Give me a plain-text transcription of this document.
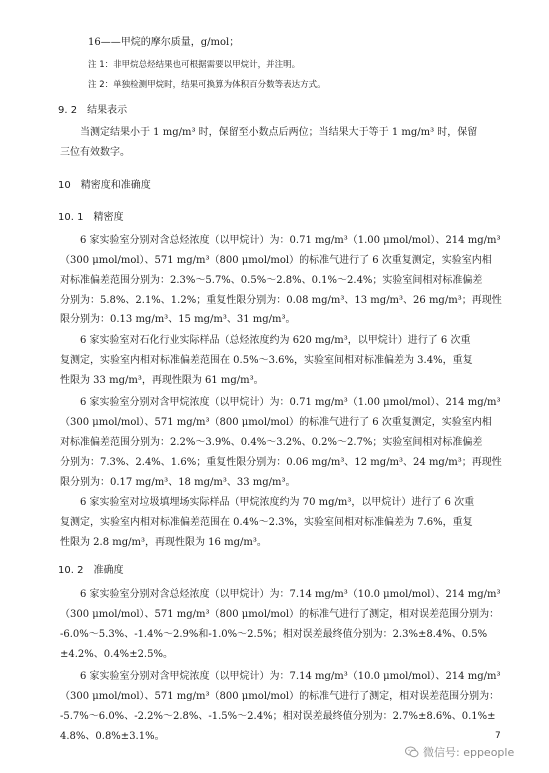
16——甲烷的摩尔质量，g/mol；
注 1：非甲烷总烃结果也可根据需要以甲烷计，并注明。
注 2：单独检测甲烷时，结果可换算为体积百分数等表达方式。
9. 2　结果表示
当测定结果小于 1 mg/m³ 时，保留至小数点后两位；当结果大于等于 1 mg/m³ 时，保留
三位有效数字。
10　精密度和准确度
10. 1　精密度
6 家实验室分别对含总烃浓度（以甲烷计）为：0.71 mg/m³（1.00 μmol/mol）、214 mg/m³
（300 μmol/mol）、571 mg/m³（800 μmol/mol）的标准气进行了 6 次重复测定，实验室内相
对标准偏差范围分别为：2.3%～5.7%、0.5%～2.8%、0.1%～2.4%；实验室间相对标准偏差
分别为：5.8%、2.1%、1.2%；重复性限分别为：0.08 mg/m³、13 mg/m³、26 mg/m³；再现性
限分别为：0.13 mg/m³、15 mg/m³、31 mg/m³。
6 家实验室对石化行业实际样品（总烃浓度约为 620 mg/m³，以甲烷计）进行了 6 次重
复测定，实验室内相对标准偏差范围在 0.5%～3.6%，实验室间相对标准偏差为 3.4%，重复
性限为 33 mg/m³，再现性限为 61 mg/m³。
6 家实验室分别对含甲烷浓度（以甲烷计）为：0.71 mg/m³（1.00 μmol/mol）、214 mg/m³
（300 μmol/mol）、571 mg/m³（800 μmol/mol）的标准气进行了 6 次重复测定，实验室内相
对标准偏差范围分别为：2.2%～3.9%、0.4%～3.2%、0.2%～2.7%；实验室间相对标准偏差
分别为：7.3%、2.4%、1.6%；重复性限分别为：0.06 mg/m³、12 mg/m³、24 mg/m³；再现性
限分别为：0.17 mg/m³、18 mg/m³、33 mg/m³。
6 家实验室对垃圾填埋场实际样品（甲烷浓度约为 70 mg/m³，以甲烷计）进行了 6 次重
复测定，实验室内相对标准偏差范围在 0.4%～2.3%，实验室间相对标准偏差为 7.6%，重复
性限为 2.8 mg/m³，再现性限为 16 mg/m³。
10. 2　准确度
6 家实验室分别对含总烃浓度（以甲烷计）为：7.14 mg/m³（10.0 μmol/mol）、214 mg/m³
（300 μmol/mol）、571 mg/m³（800 μmol/mol）的标准气进行了测定，相对误差范围分别为：
-6.0%～5.3%、-1.4%～2.9%和-1.0%～2.5%；相对误差最终值分别为：2.3%±8.4%、0.5%
±4.2%、0.4%±2.5%。
6 家实验室分别对含甲烷浓度（以甲烷计）为：7.14 mg/m³（10.0 μmol/mol）、214 mg/m³
（300 μmol/mol）、571 mg/m³（800 μmol/mol）的标准气进行了测定，相对误差范围分别为：
-5.7%～6.0%、-2.2%～2.8%、-1.5%～2.4%；相对误差最终值分别为：2.7%±8.6%、0.1%±
4.8%、0.8%±3.1%。	7
微信号: eppeople
